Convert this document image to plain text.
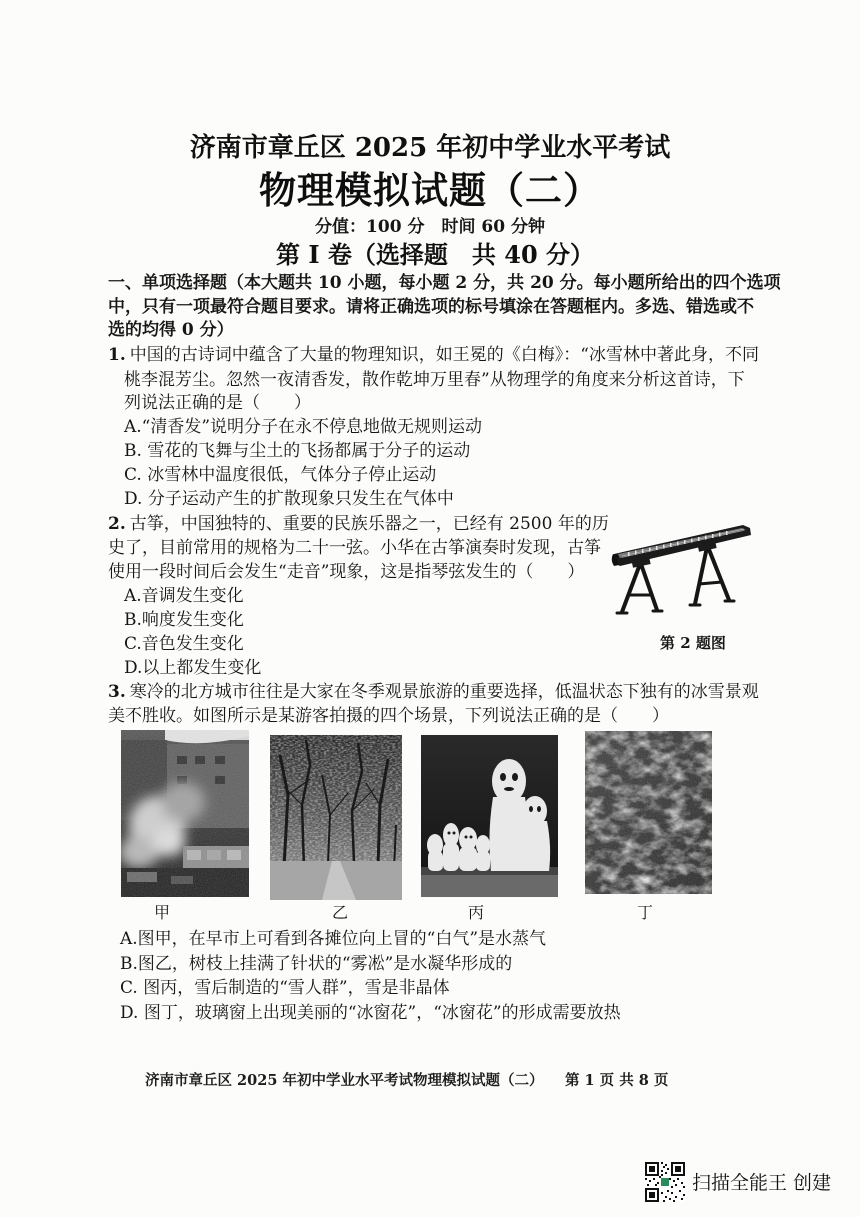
济南市章丘区 2025 年初中学业水平考试
物理模拟试题（二）
分值：100 分　时间 60 分钟
第 I 卷（选择题　共 40 分）
一、单项选择题（本大题共 10 小题，每小题 2 分，共 20 分。每小题所给出的四个选项
中，只有一项最符合题目要求。请将正确选项的标号填涂在答题框内。多选、错选或不
选的均得 0 分）
1. 中国的古诗词中蕴含了大量的物理知识，如王冕的《白梅》：“冰雪林中著此身，不同
桃李混芳尘。忽然一夜清香发，散作乾坤万里春”从物理学的角度来分析这首诗，下
列说法正确的是（　　）
A.“清香发”说明分子在永不停息地做无规则运动
B. 雪花的飞舞与尘土的飞扬都属于分子的运动
C. 冰雪林中温度很低，气体分子停止运动
D. 分子运动产生的扩散现象只发生在气体中
2. 古筝，中国独特的、重要的民族乐器之一，已经有 2500 年的历
史了，目前常用的规格为二十一弦。小华在古筝演奏时发现，古筝
使用一段时间后会发生“走音”现象，这是指琴弦发生的（　　）
A.音调发生变化
B.响度发生变化
C.音色发生变化
D.以上都发生变化
第 2 题图
3. 寒冷的北方城市往往是大家在冬季观景旅游的重要选择，低温状态下独有的冰雪景观
美不胜收。如图所示是某游客拍摄的四个场景，下列说法正确的是（　　）
甲	乙	丙	丁
A.图甲，在早市上可看到各摊位向上冒的“白气”是水蒸气
B.图乙，树枝上挂满了针状的“雾凇”是水凝华形成的
C. 图丙，雪后制造的“雪人群”，雪是非晶体
D. 图丁，玻璃窗上出现美丽的“冰窗花”，“冰窗花”的形成需要放热
济南市章丘区 2025 年初中学业水平考试物理模拟试题（二） 第 1 页 共 8 页
扫描全能王 创建
